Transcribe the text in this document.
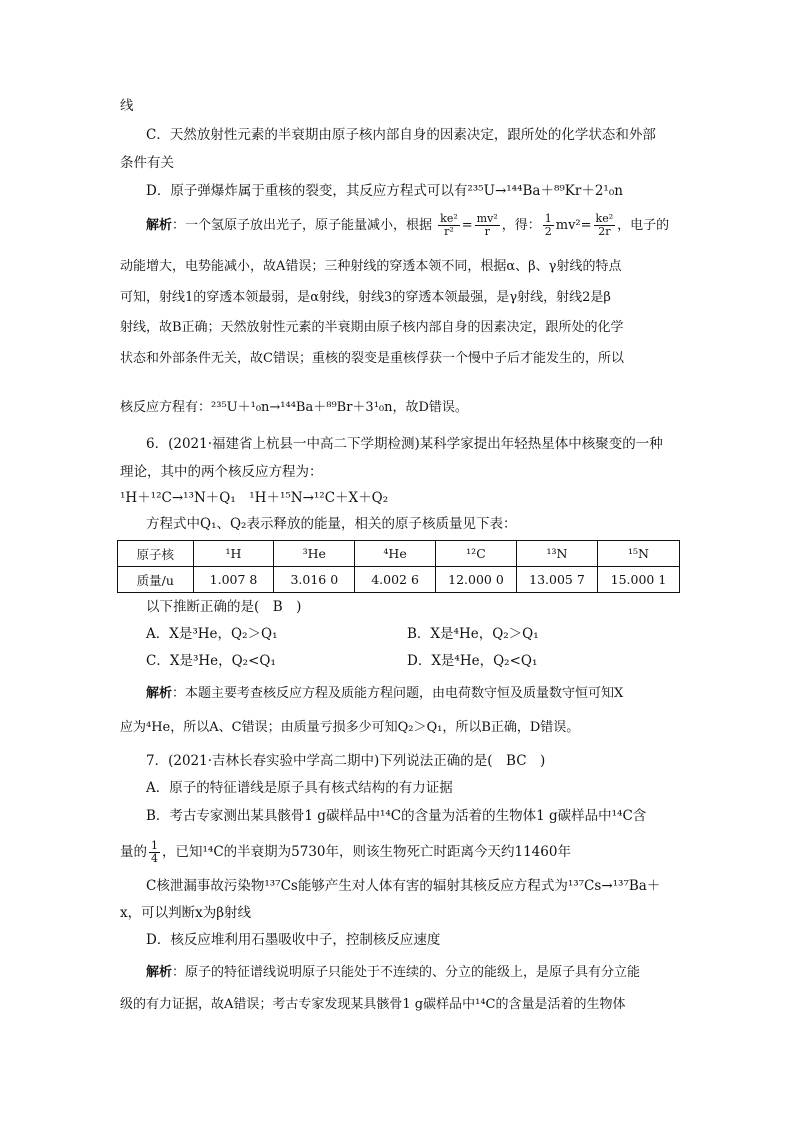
线
C．天然放射性元素的半衰期由原子核内部自身的因素决定，跟所处的化学状态和外部
条件有关
D．原子弹爆炸属于重核的裂变，其反应方程式可以有²³⁵U→¹⁴⁴Ba＋⁸⁹Kr＋2¹₀n
解析：一个氢原子放出光子，原子能量减小，根据 $\frac{\text{ke²}}{\text{r²}} = \frac{\text{mv²}}{r}$ ，得： $\frac{1}{2} mv^2= \frac{\text{ke²}}{2r}$ ，电子的
动能增大，电势能减小，故A错误；三种射线的穿透本领不同，根据α、β、γ射线的特点
可知，射线1的穿透本领最弱，是α射线，射线3的穿透本领最强，是γ射线，射线2是β
射线，故B正确；天然放射性元素的半衰期由原子核内部自身的因素决定，跟所处的化学
状态和外部条件无关，故C错误；重核的裂变是重核俘获一个慢中子后才能发生的，所以
核反应方程有：²³⁵U＋¹₀n→¹⁴⁴Ba＋⁸⁹Br＋3¹₀n，故D错误。
6．(2021·福建省上杭县一中高二下学期检测)某科学家提出年轻热星体中核聚变的一种
理论，其中的两个核反应方程为：
¹H＋¹²C→¹³N＋Q₁　¹H＋¹⁵N→¹²C＋X＋Q₂
方程式中Q₁、Q₂表示释放的能量，相关的原子核质量见下表：
原子核	¹H	³He	⁴He	¹²C	¹³N	¹⁵N
质量/u	1.007 8	3.016 0	4.002 6	12.000 0	13.005 7	15.000 1
以下推断正确的是(　B　)
A．X是³He，Q₂＞Q₁	B．X是⁴He，Q₂＞Q₁
C．X是³He，Q₂<Q₁	D．X是⁴He，Q₂<Q₁
解析：本题主要考查核反应方程及质能方程问题，由电荷数守恒及质量数守恒可知X
应为⁴He，所以A、C错误；由质量亏损多少可知Q₂＞Q₁，所以B正确，D错误。
7．(2021·吉林长春实验中学高二期中)下列说法正确的是(　BC　)
A．原子的特征谱线是原子具有核式结构的有力证据
B．考古专家测出某具骸骨1 g碳样品中¹⁴C的含量为活着的生物体1 g碳样品中¹⁴C含
量的 $\frac{1}{4}$ ，已知¹⁴C的半衰期为5730年，则该生物死亡时距离今天约11460年
C核泄漏事故污染物¹³⁷Cs能够产生对人体有害的辐射其核反应方程式为¹³⁷Cs→¹³⁷Ba＋
x，可以判断x为β射线
D．核反应堆利用石墨吸收中子，控制核反应速度
解析：原子的特征谱线说明原子只能处于不连续的、分立的能级上，是原子具有分立能
级的有力证据，故A错误；考古专家发现某具骸骨1 g碳样品中¹⁴C的含量是活着的生物体
